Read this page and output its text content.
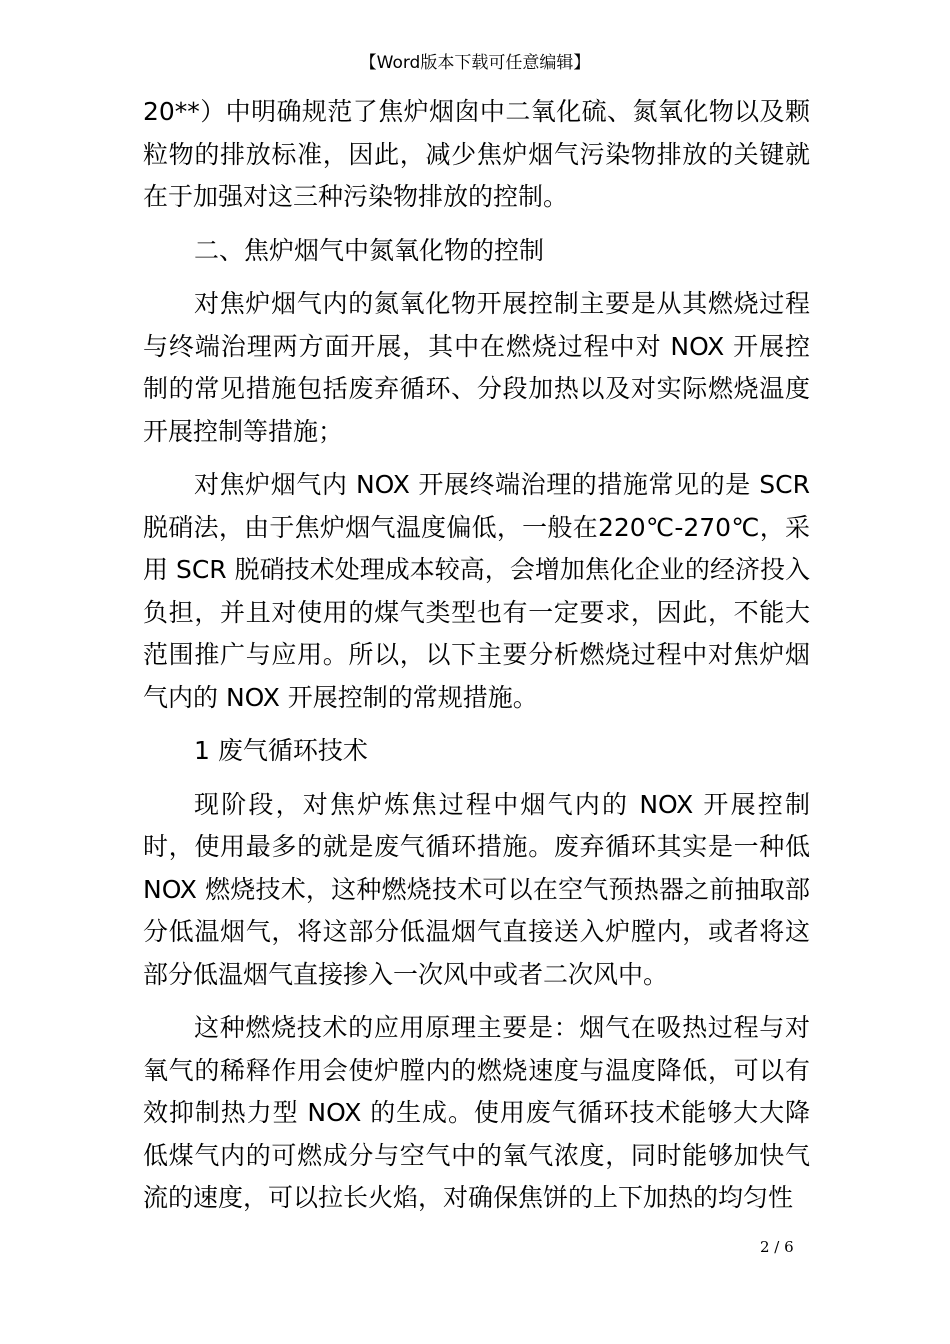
【Word版本下载可任意编辑】

20**）中明确规范了焦炉烟囱中二氧化硫、氮氧化物以及颗粒物的排放标准，因此，减少焦炉烟气污染物排放的关键就在于加强对这三种污染物排放的控制。

二、焦炉烟气中氮氧化物的控制

对焦炉烟气内的氮氧化物开展控制主要是从其燃烧过程与终端治理两方面开展，其中在燃烧过程中对 NOX 开展控制的常见措施包括废弃循环、分段加热以及对实际燃烧温度开展控制等措施；

对焦炉烟气内 NOX 开展终端治理的措施常见的是 SCR 脱硝法，由于焦炉烟气温度偏低，一般在220℃-270℃，采用 SCR 脱硝技术处理成本较高，会增加焦化企业的经济投入负担，并且对使用的煤气类型也有一定要求，因此，不能大范围推广与应用。所以，以下主要分析燃烧过程中对焦炉烟气内的 NOX 开展控制的常规措施。

1 废气循环技术

现阶段，对焦炉炼焦过程中烟气内的 NOX 开展控制时，使用最多的就是废气循环措施。废弃循环其实是一种低 NOX 燃烧技术，这种燃烧技术可以在空气预热器之前抽取部分低温烟气，将这部分低温烟气直接送入炉膛内，或者将这部分低温烟气直接掺入一次风中或者二次风中。

这种燃烧技术的应用原理主要是：烟气在吸热过程与对氧气的稀释作用会使炉膛内的燃烧速度与温度降低，可以有效抑制热力型 NOX 的生成。使用废气循环技术能够大大降低煤气内的可燃成分与空气中的氧气浓度，同时能够加快气流的速度，可以拉长火焰，对确保焦饼的上下加热的均匀性

2 / 6
